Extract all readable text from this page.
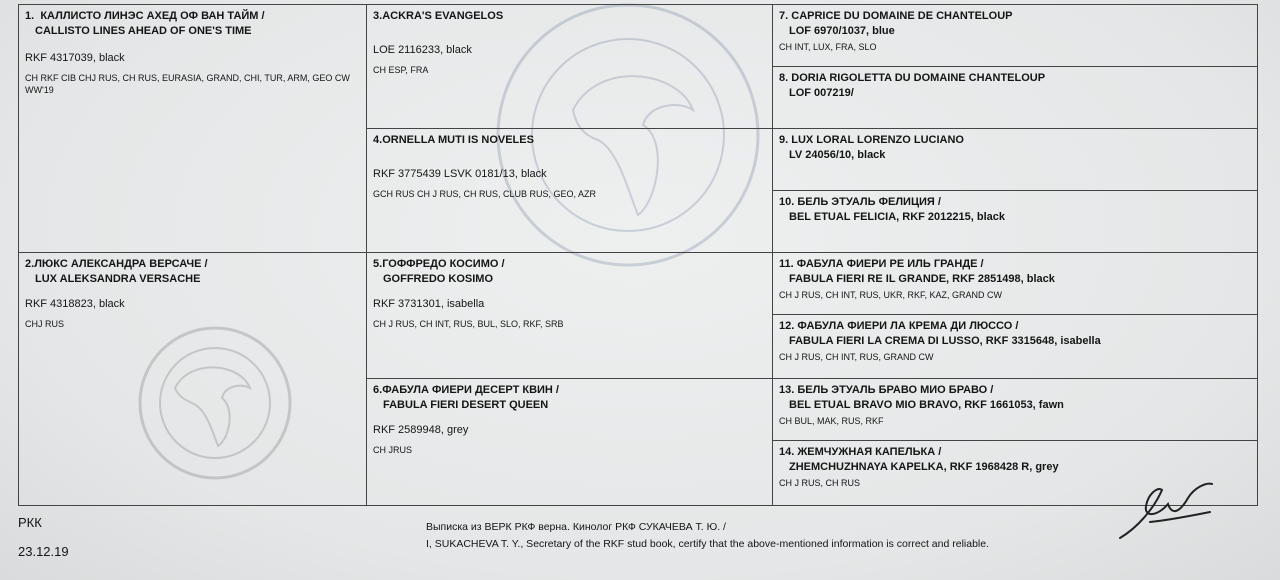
1. КАЛЛИСТО ЛИНЭС АХЕД ОФ ВАН ТАЙМ /
CALLISTO LINES AHEAD OF ONE'S TIME
RKF 4317039, black
CH RKF CIB CHJ RUS, CH RUS, EURASIA, GRAND, CHI, TUR, ARM, GEO CW WW'19
2.ЛЮКС АЛЕКСАНДРА ВЕРСАЧЕ /
LUX ALEKSANDRA VERSACHE
RKF 4318823, black
CHJ RUS
3.ACKRA'S EVANGELOS
LOE 2116233, black
CH ESP, FRA
4.ORNELLA MUTI IS NOVELES
RKF 3775439 LSVK 0181/13, black
GCH RUS CH J RUS, CH RUS, CLUB RUS, GEO, AZR
5.ГОФФРЕДО КОСИМО /
GOFFREDO KOSIMO
RKF 3731301, isabella
CH J RUS, CH INT, RUS, BUL, SLO, RKF, SRB
6.ФАБУЛА ФИЕРИ ДЕСЕРТ КВИН /
FABULA FIERI DESERT QUEEN
RKF 2589948, grey
CH JRUS
7. CAPRICE DU DOMAINE DE CHANTELOUP
LOF 6970/1037, blue
CH INT, LUX, FRA, SLO
8. DORIA RIGOLETTA DU DOMAINE CHANTELOUP
LOF 007219/
9. LUX LORAL LORENZO LUCIANO
LV 24056/10, black
10. БЕЛЬ ЭТУАЛЬ ФЕЛИЦИЯ /
BEL ETUAL FELICIA, RKF 2012215, black
11. ФАБУЛА ФИЕРИ РЕ ИЛЬ ГРАНДЕ /
FABULA FIERI RE IL GRANDE, RKF 2851498, black
CH J RUS, CH INT, RUS, UKR, RKF, KAZ, GRAND CW
12. ФАБУЛА ФИЕРИ ЛА КРЕМА ДИ ЛЮССО /
FABULA FIERI LA CREMA DI LUSSO, RKF 3315648, isabella
CH J RUS, CH INT, RUS, GRAND CW
13. БЕЛЬ ЭТУАЛЬ БРАВО МИО БРАВО /
BEL ETUAL BRAVO MIO BRAVO, RKF 1661053, fawn
CH BUL, MAK, RUS, RKF
14. ЖЕМЧУЖНАЯ КАПЕЛЬКА /
ZHEMCHUZHNAYA KAPELKA, RKF 1968428 R, grey
CH J RUS, CH RUS
РКК
23.12.19
Выписка из ВЕРК РКФ верна. Кинолог РКФ СУКАЧЕВА Т. Ю. /
I, SUKACHEVA T. Y., Secretary of the RKF stud book, certify that the above-mentioned information is correct and reliable.
